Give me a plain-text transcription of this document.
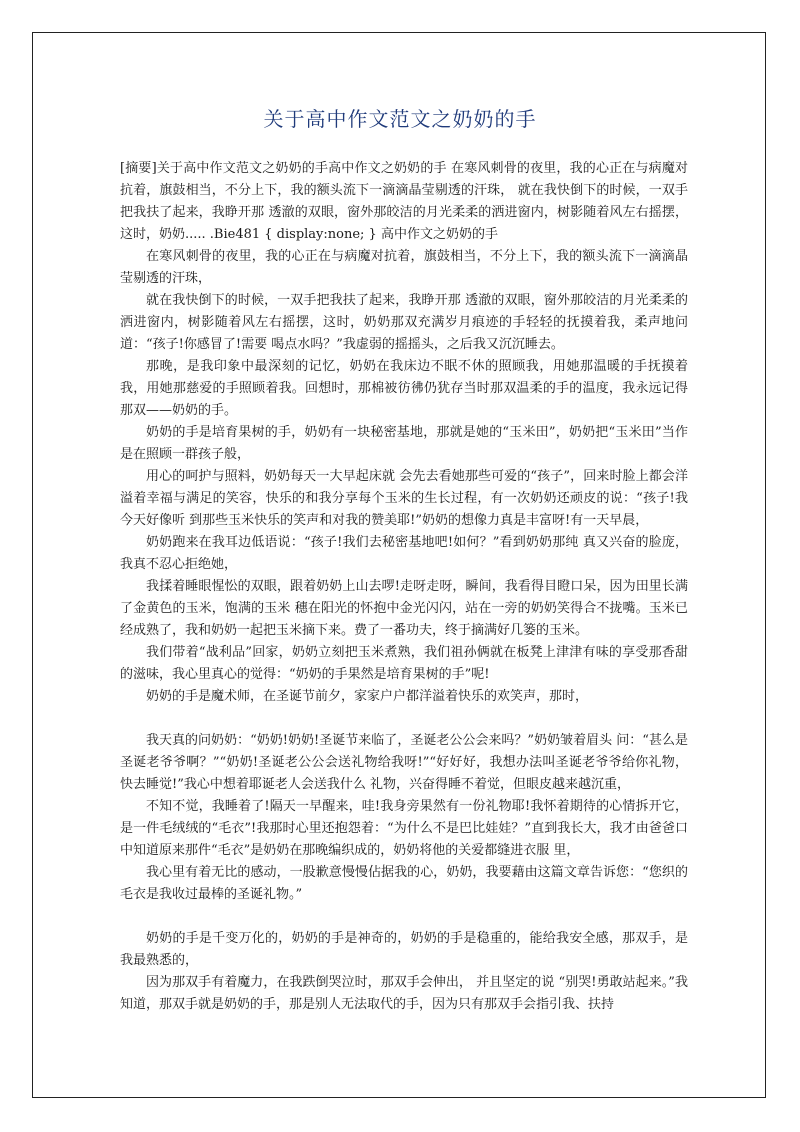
关于高中作文范文之奶奶的手

[摘要]关于高中作文范文之奶奶的手高中作文之奶奶的手 在寒风刺骨的夜里，我的心正在与病魔对抗着，旗鼓相当，不分上下，我的额头流下一滴滴晶莹剔透的汗珠， 就在我快倒下的时候，一双手把我扶了起来，我睁开那 透澈的双眼，窗外那皎洁的月光柔柔的洒进窗内，树影随着风左右摇摆，这时，奶奶..... .Bie481 { display:none; } 高中作文之奶奶的手

在寒风刺骨的夜里，我的心正在与病魔对抗着，旗鼓相当，不分上下，我的额头流下一滴滴晶莹剔透的汗珠，

就在我快倒下的时候，一双手把我扶了起来，我睁开那 透澈的双眼，窗外那皎洁的月光柔柔的洒进窗内，树影随着风左右摇摆，这时，奶奶那双充满岁月痕迹的手轻轻的抚摸着我，柔声地问道：“孩子!你感冒了!需要 喝点水吗？”我虚弱的摇摇头，之后我又沉沉睡去。

那晚，是我印象中最深刻的记忆，奶奶在我床边不眠不休的照顾我，用她那温暖的手抚摸着我，用她那慈爱的手照顾着我。回想时，那棉被彷彿仍犹存当时那双温柔的手的温度，我永远记得那双——奶奶的手。

奶奶的手是培育果树的手，奶奶有一块秘密基地，那就是她的“玉米田”，奶奶把“玉米田”当作是在照顾一群孩子般，

用心的呵护与照料，奶奶每天一大早起床就 会先去看她那些可爱的“孩子”，回来时脸上都会洋溢着幸福与满足的笑容，快乐的和我分享每个玉米的生长过程，有一次奶奶还顽皮的说：“孩子!我今天好像听 到那些玉米快乐的笑声和对我的赞美耶!”奶奶的想像力真是丰富呀!有一天早晨，

奶奶跑来在我耳边低语说：“孩子!我们去秘密基地吧!如何？”看到奶奶那纯 真又兴奋的脸庞，我真不忍心拒绝她，

我揉着睡眼惺忪的双眼，跟着奶奶上山去啰!走呀走呀，瞬间，我看得目瞪口呆，因为田里长满了金黄色的玉米，饱满的玉米 穗在阳光的怀抱中金光闪闪，站在一旁的奶奶笑得合不拢嘴。玉米已经成熟了，我和奶奶一起把玉米摘下来。费了一番功夫，终于摘满好几篓的玉米。

我们带着“战利品”回家，奶奶立刻把玉米煮熟，我们祖孙俩就在板凳上津津有味的享受那香甜的滋味，我心里真心的觉得：“奶奶的手果然是培育果树的手”呢!

奶奶的手是魔术师，在圣诞节前夕，家家户户都洋溢着快乐的欢笑声，那时，

我天真的问奶奶：“奶奶!奶奶!圣诞节来临了，圣诞老公公会来吗？”奶奶皱着眉头 问：“甚么是圣诞老爷爷啊？”“奶奶!圣诞老公公会送礼物给我呀!”“好好好，我想办法叫圣诞老爷爷给你礼物，快去睡觉!”我心中想着耶诞老人会送我什么 礼物，兴奋得睡不着觉，但眼皮越来越沉重，

不知不觉，我睡着了!隔天一早醒来，哇!我身旁果然有一份礼物耶!我怀着期待的心情拆开它，是一件毛绒绒的“毛衣”!我那时心里还抱怨着：“为什么不是巴比娃娃？”直到我长大，我才由爸爸口中知道原来那件“毛衣”是奶奶在那晚编织成的，奶奶将他的关爱都缝进衣服 里，

我心里有着无比的感动，一股歉意慢慢佔据我的心，奶奶，我要藉由这篇文章告诉您：“您织的毛衣是我收过最棒的圣诞礼物。”

奶奶的手是千变万化的，奶奶的手是神奇的，奶奶的手是稳重的，能给我安全感，那双手，是我最熟悉的，

因为那双手有着魔力，在我跌倒哭泣时，那双手会伸出， 并且坚定的说 “别哭!勇敢站起来。”我知道，那双手就是奶奶的手，那是别人无法取代的手，因为只有那双手会指引我、扶持
